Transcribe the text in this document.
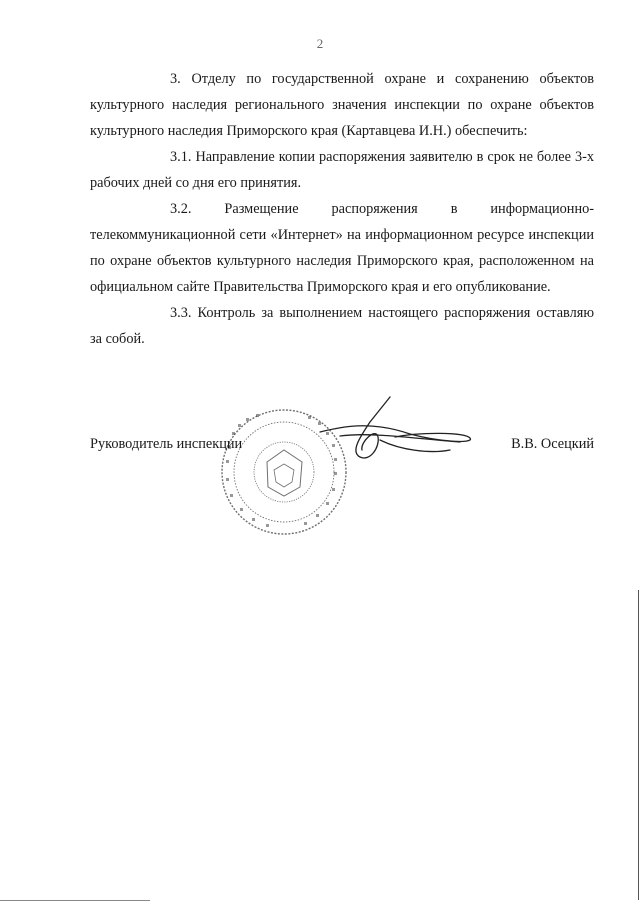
2

3. Отделу по государственной охране и сохранению объектов культурного наследия регионального значения инспекции по охране объектов культурного наследия Приморского края (Картавцева И.Н.) обеспечить:

3.1. Направление копии распоряжения заявителю в срок не более 3-х рабочих дней со дня его принятия.

3.2. Размещение распоряжения в информационно-телекоммуникационной сети «Интернет» на информационном ресурсе инспекции по охране объектов культурного наследия Приморского края, расположенном на официальном сайте Правительства Приморского края и его опубликование.

3.3. Контроль за выполнением настоящего распоряжения оставляю за собой.

Руководитель инспекции	В.В. Осецкий
